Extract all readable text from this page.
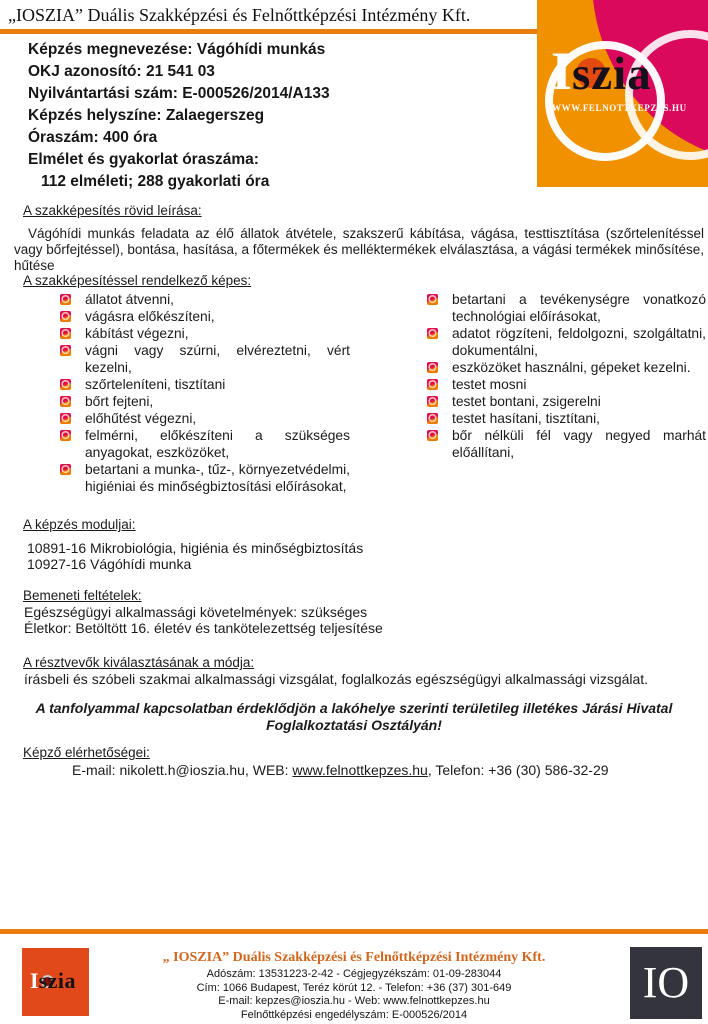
„IOSZIA” Duális Szakképzési és Felnőttképzési Intézmény Kft.
I
szia
WWW.FELNOTTKEPZES.HU
Képzés megnevezése: Vágóhídi munkás
OKJ azonosító: 21 541 03
Nyilvántartási szám: E-000526/2014/A133
Képzés helyszíne: Zalaegerszeg
Óraszám: 400 óra
Elmélet és gyakorlat óraszáma:
112 elméleti; 288 gyakorlati óra
A szakképesítés rövid leírása:
Vágóhídi munkás feladata az élő állatok átvétele, szakszerű kábítása, vágása, testtisztítása (szőrtelenítéssel vagy bőrfejtéssel), bontása, hasítása, a főtermékek és melléktermékek elválasztása, a vágási termékek minősítése, hűtése
A szakképesítéssel rendelkező képes:
állatot átvenni,
vágásra előkészíteni,
kábítást végezni,
vágni vagy szúrni, elvéreztetni, vért kezelni,
szőrteleníteni, tisztítani
bőrt fejteni,
előhűtést végezni,
felmérni, előkészíteni a szükséges anyagokat, eszközöket,
betartani a munka-, tűz-, környezetvédelmi, higiéniai és minőségbiztosítási előírásokat,
betartani a tevékenységre vonatkozó technológiai előírásokat,
adatot rögzíteni, feldolgozni, szolgáltatni, dokumentálni,
eszközöket használni, gépeket kezelni.
testet mosni
testet bontani, zsigerelni
testet hasítani, tisztítani,
bőr nélküli fél vagy negyed marhát előállítani,
A képzés moduljai:
10891-16 Mikrobiológia, higiénia és minőségbiztosítás
10927-16 Vágóhídi munka
Bemeneti feltételek:
Egészségügyi alkalmassági követelmények: szükséges
Életkor: Betöltött 16. életév és tankötelezettség teljesítése
A résztvevők kiválasztásának a módja:
írásbeli és szóbeli szakmai alkalmassági vizsgálat, foglalkozás egészségügyi alkalmassági vizsgálat.
A tanfolyammal kapcsolatban érdeklődjön a lakóhelye szerinti területileg illetékes Járási Hivatal Foglalkoztatási Osztályán!
Képző elérhetőségei:
E-mail: nikolett.h@ioszia.hu, WEB: www.felnottkepzes.hu, Telefon: +36 (30) 586-32-29
I
szia
„ IOSZIA” Duális Szakképzési és Felnőttképzési Intézmény Kft.
Adószám: 13531223-2-42 - Cégjegyzékszám: 01-09-283044
Cím: 1066 Budapest, Teréz körút 12. - Telefon: +36 (37) 301-649
E-mail: kepzes@ioszia.hu - Web: www.felnottkepzes.hu
Felnőttképzési engedélyszám: E-000526/2014
IO
